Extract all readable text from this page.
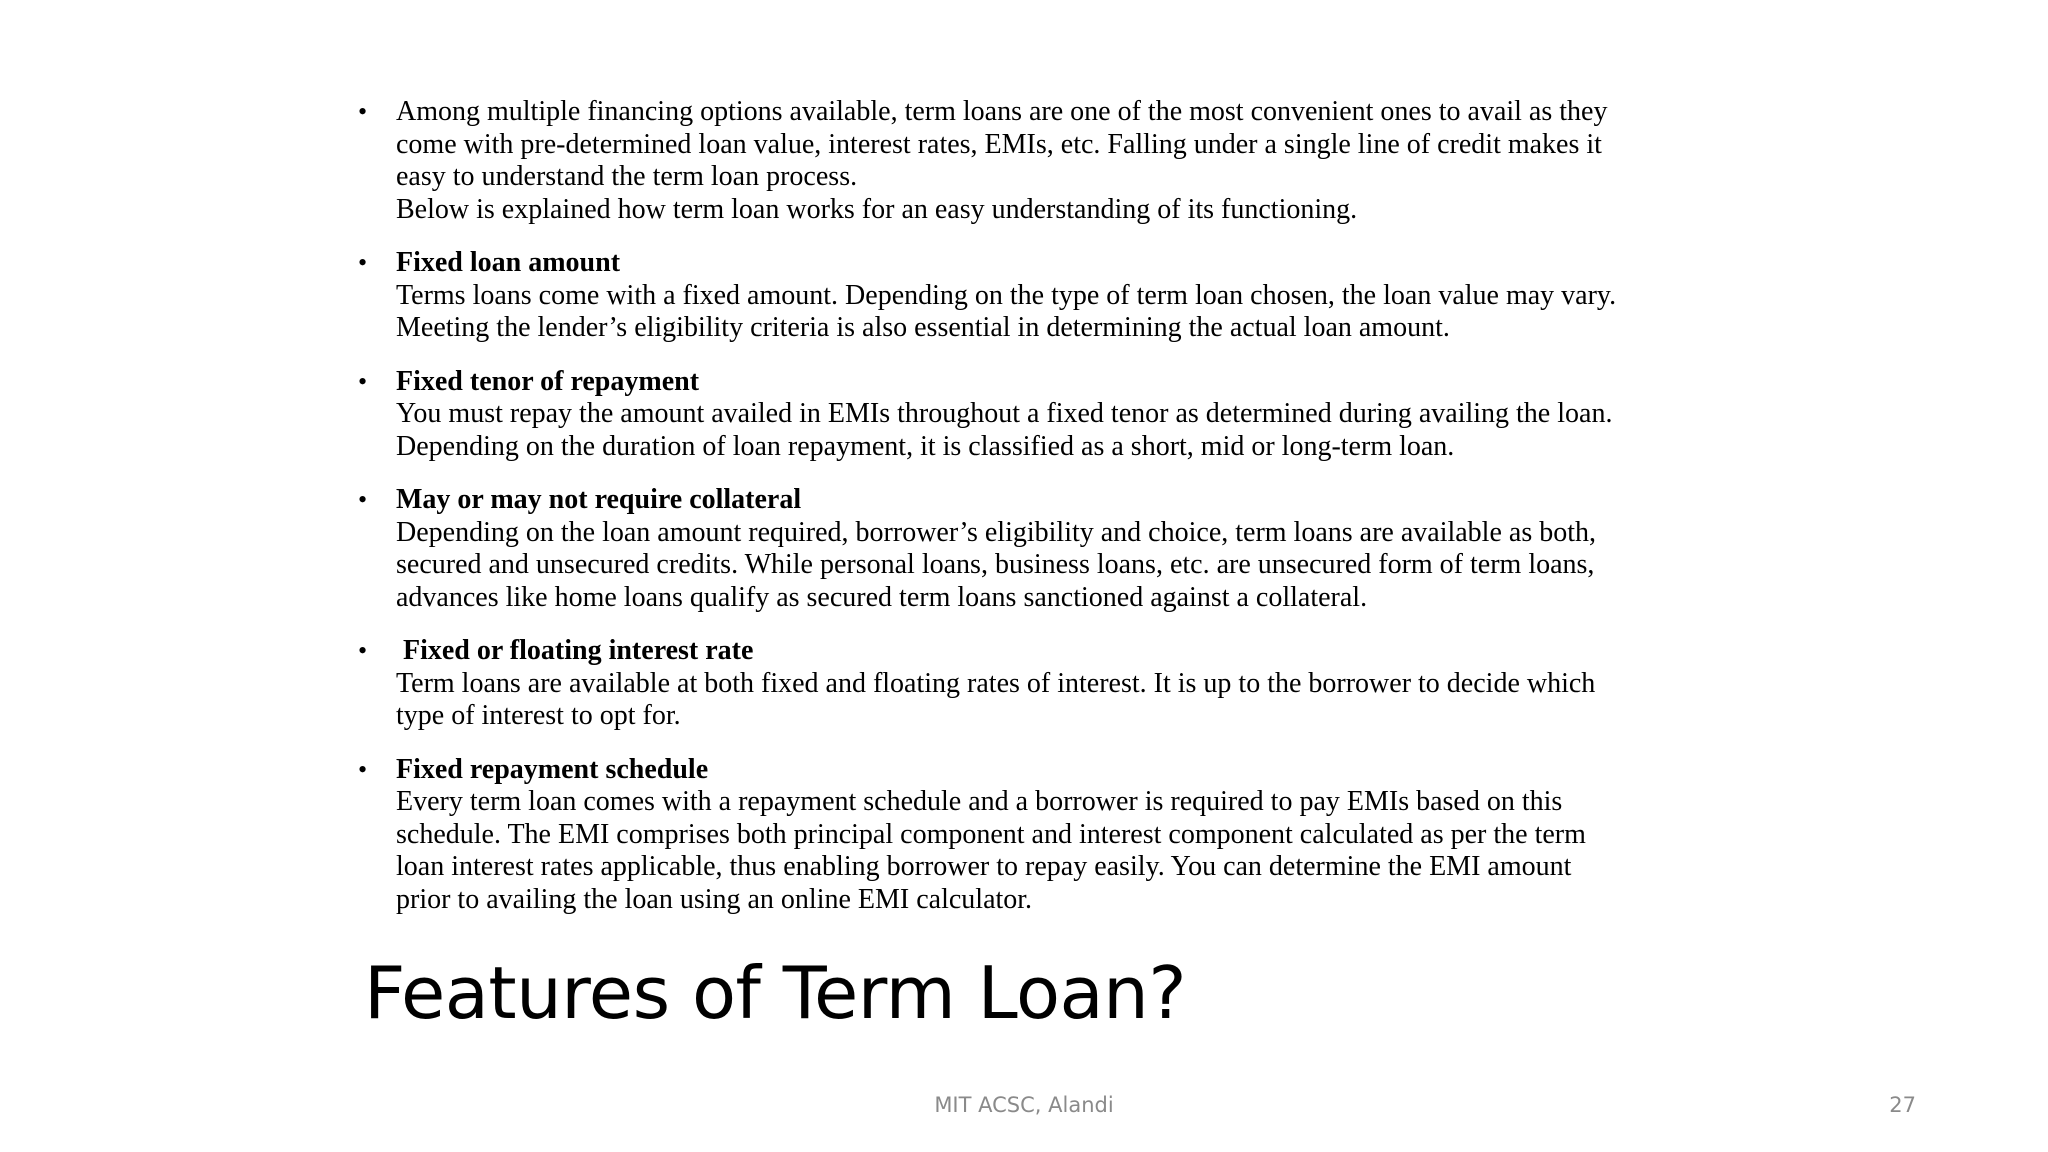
• Among multiple financing options available, term loans are one of the most convenient ones to avail as they
come with pre-determined loan value, interest rates, EMIs, etc. Falling under a single line of credit makes it
easy to understand the term loan process.
Below is explained how term loan works for an easy understanding of its functioning.
• Fixed loan amount
Terms loans come with a fixed amount. Depending on the type of term loan chosen, the loan value may vary.
Meeting the lender’s eligibility criteria is also essential in determining the actual loan amount.
• Fixed tenor of repayment
You must repay the amount availed in EMIs throughout a fixed tenor as determined during availing the loan.
Depending on the duration of loan repayment, it is classified as a short, mid or long-term loan.
• May or may not require collateral
Depending on the loan amount required, borrower’s eligibility and choice, term loans are available as both,
secured and unsecured credits. While personal loans, business loans, etc. are unsecured form of term loans,
advances like home loans qualify as secured term loans sanctioned against a collateral.
• Fixed or floating interest rate
Term loans are available at both fixed and floating rates of interest. It is up to the borrower to decide which
type of interest to opt for.
• Fixed repayment schedule
Every term loan comes with a repayment schedule and a borrower is required to pay EMIs based on this
schedule. The EMI comprises both principal component and interest component calculated as per the term
loan interest rates applicable, thus enabling borrower to repay easily. You can determine the EMI amount
prior to availing the loan using an online EMI calculator.
Features of Term Loan?
MIT ACSC, Alandi	27
